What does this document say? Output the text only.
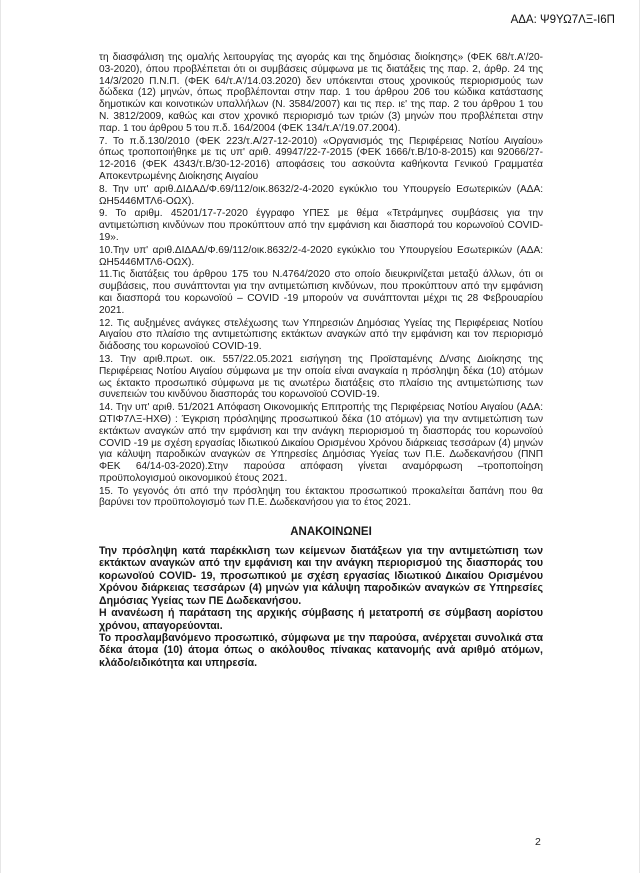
ΑΔΑ: Ψ9ΥΩ7ΛΞ-Ι6Π

τη διασφάλιση της ομαλής λειτουργίας της αγοράς και της δημόσιας διοίκησης» (ΦΕΚ 68/τ.Α'/20-03-2020), όπου προβλέπεται ότι οι συμβάσεις σύμφωνα με τις διατάξεις της παρ. 2, άρθρ. 24 της 14/3/2020 Π.Ν.Π. (ΦΕΚ 64/τ.Α'/14.03.2020) δεν υπόκεινται στους χρονικούς περιορισμούς των δώδεκα (12) μηνών, όπως προβλέπονται στην παρ. 1 του άρθρου 206 του κώδικα κατάστασης δημοτικών και κοινοτικών υπαλλήλων (Ν. 3584/2007) και τις περ. ιε' της παρ. 2 του άρθρου 1 του Ν. 3812/2009, καθώς και στον χρονικό περιορισμό των τριών (3) μηνών που προβλέπεται στην παρ. 1 του άρθρου 5 του π.δ. 164/2004 (ΦΕΚ 134/τ.Α'/19.07.2004).

7. Το π.δ.130/2010 (ΦΕΚ 223/τ.Α/27-12-2010) «Οργανισμός της Περιφέρειας Νοτίου Αιγαίου» όπως τροποποιήθηκε με τις υπ' αριθ. 49947/22-7-2015 (ΦΕΚ 1666/τ.Β/10-8-2015) και 92066/27-12-2016 (ΦΕΚ 4343/τ.Β/30-12-2016) αποφάσεις του ασκούντα καθήκοντα Γενικού Γραμματέα Αποκεντρωμένης Διοίκησης Αιγαίου

8. Την υπ' αριθ.ΔΙΔΑΔ/Φ.69/112/οικ.8632/2-4-2020 εγκύκλιο του Υπουργείο Εσωτερικών (ΑΔΑ: ΩΗ5446ΜΤΛ6-ΟΩΧ).

9. Το αριθμ. 45201/17-7-2020 έγγραφο ΥΠΕΣ με θέμα «Τετράμηνες συμβάσεις για την αντιμετώπιση κινδύνων που προκύπτουν από την εμφάνιση και διασπορά του κορωνοϊού COVID-19».

10.Την υπ' αριθ.ΔΙΔΑΔ/Φ.69/112/οικ.8632/2-4-2020 εγκύκλιο του Υπουργείου Εσωτερικών (ΑΔΑ: ΩΗ5446ΜΤΛ6-ΟΩΧ).

11.Τις διατάξεις του άρθρου 175 του Ν.4764/2020 στο οποίο διευκρινίζεται μεταξύ άλλων, ότι οι συμβάσεις, που συνάπτονται για την αντιμετώπιση κινδύνων, που προκύπτουν από την εμφάνιση και διασπορά του κορωνοϊού – COVID -19 μπορούν να συνάπτονται μέχρι τις 28 Φεβρουαρίου 2021.

12. Τις αυξημένες ανάγκες στελέχωσης των Υπηρεσιών Δημόσιας Υγείας της Περιφέρειας Νοτίου Αιγαίου στο πλαίσιο της αντιμετώπισης εκτάκτων αναγκών από την εμφάνιση και τον περιορισμό διάδοσης του κορωνοϊού COVID-19.

13. Την αριθ.πρωτ. οικ. 557/22.05.2021 εισήγηση της Προϊσταμένης Δ/νσης Διοίκησης της Περιφέρειας Νοτίου Αιγαίου σύμφωνα με την οποία είναι αναγκαία η πρόσληψη δέκα (10) ατόμων ως έκτακτο προσωπικό σύμφωνα με τις ανωτέρω διατάξεις στο πλαίσιο της αντιμετώπισης των συνεπειών του κινδύνου διασποράς του κορωνοϊού COVID-19.

14. Την υπ' αριθ. 51/2021 Απόφαση Οικονομικής Επιτροπής της Περιφέρειας Νοτίου Αιγαίου (ΑΔΑ: ΩΤΙΦ7ΛΞ-ΗΧΘ) : Έγκριση πρόσληψης προσωπικού δέκα (10 ατόμων) για την αντιμετώπιση των εκτάκτων αναγκών από την εμφάνιση και την ανάγκη περιορισμού τη διασποράς του κορωνοϊού COVID -19 με σχέση εργασίας Ιδιωτικού Δικαίου Ορισμένου Χρόνου διάρκειας τεσσάρων (4) μηνών για κάλυψη παροδικών αναγκών σε Υπηρεσίες Δημόσιας Υγείας των Π.Ε. Δωδεκανήσου (ΠΝΠ ΦΕΚ 64/14-03-2020).Στην παρούσα απόφαση γίνεται αναμόρφωση –τροποποίηση προϋπολογισμού οικονομικού έτους 2021.

15. Το γεγονός ότι από την πρόσληψη του έκτακτου προσωπικού προκαλείται δαπάνη που θα βαρύνει τον προϋπολογισμό των Π.Ε. Δωδεκανήσου για το έτος 2021.

ΑΝΑΚΟΙΝΩΝΕΙ

Την πρόσληψη κατά παρέκκλιση των κείμενων διατάξεων για την αντιμετώπιση των εκτάκτων αναγκών από την εμφάνιση και την ανάγκη περιορισμού της διασποράς του κορωνοϊού COVID- 19, προσωπικού με σχέση εργασίας Ιδιωτικού Δικαίου Ορισμένου Χρόνου διάρκειας τεσσάρων (4) μηνών για κάλυψη παροδικών αναγκών σε Υπηρεσίες Δημόσιας Υγείας των ΠΕ Δωδεκανήσου.

Η ανανέωση ή παράταση της αρχικής σύμβασης ή μετατροπή σε σύμβαση αορίστου χρόνου, απαγορεύονται.

Το προσλαμβανόμενο προσωπικό, σύμφωνα με την παρούσα, ανέρχεται συνολικά στα δέκα άτομα (10) άτομα όπως ο ακόλουθος πίνακας κατανομής ανά αριθμό ατόμων, κλάδο/ειδικότητα και υπηρεσία.

2
